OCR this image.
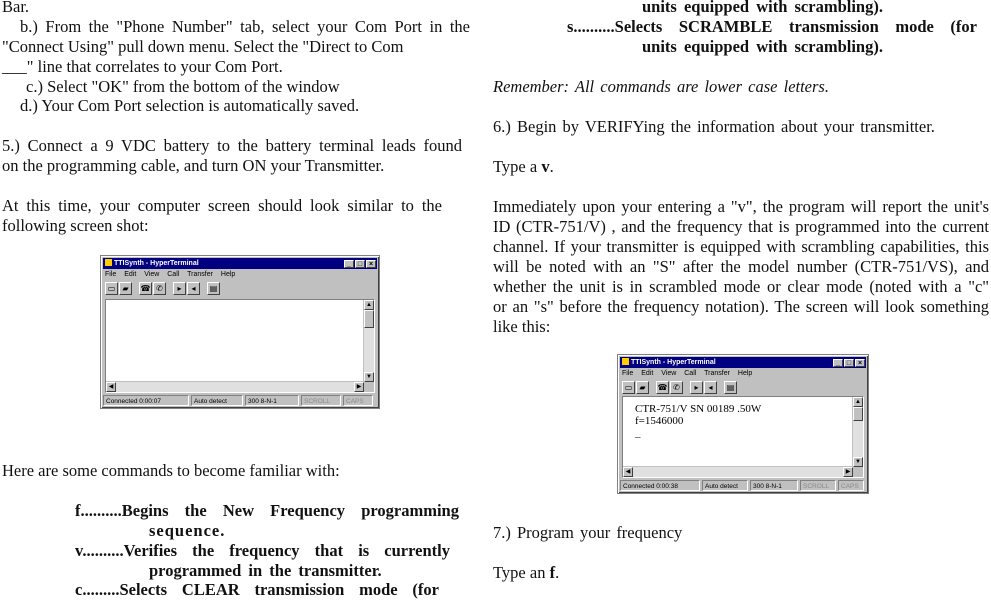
Bar.
b.) From the "Phone Number" tab, select your Com Port in the
"Connect Using" pull down menu. Select the "Direct to Com
___" line that correlates to your Com Port.
c.) Select "OK" from the bottom of the window
d.) Your Com Port selection is automatically saved.
5.) Connect a 9 VDC battery to the battery terminal leads found
on the programming cable, and turn ON your Transmitter.
At this time, your computer screen should look similar to the
following screen shot:
TTISynth - HyperTerminal	_ □ ×
File Edit View Call Transfer Help
▭ ▰ ☎ ✆ ▸ ◂ ▤
▲
▼
◀	▶
Connected 0:00:07	Auto detect	300 8-N-1	SCROLL	CAPS
Here are some commands to become familiar with:
f..........Begins the New Frequency programming
sequence.
v..........Verifies the frequency that is currently
programmed in the transmitter.
c.........Selects CLEAR transmission mode (for
units equipped with scrambling).
s..........Selects SCRAMBLE transmission mode (for
units equipped with scrambling).
Remember: All commands are lower case letters.
6.) Begin by VERIFYing the information about your transmitter.
Type a v.
Immediately upon your entering a "v", the program will report the unit's
ID (CTR-751/V) , and the frequency that is programmed into the current
channel. If your transmitter is equipped with scrambling capabilities, this
will be noted with an "S" after the model number (CTR-751/VS), and
whether the unit is in scrambled mode or clear mode (noted with a "c"
or an "s" before the frequency notation). The screen will look something
like this:
TTISynth - HyperTerminal	_ □ ×
File Edit View Call Transfer Help
▭ ▰ ☎ ✆ ▸ ◂ ▤
CTR-751/V SN 00189 .50W
f=1546000
_
▲
▼
◀	▶
Connected 0:00:38	Auto detect	300 8-N-1	SCROLL	CAPS
7.) Program your frequency
Type an f.
